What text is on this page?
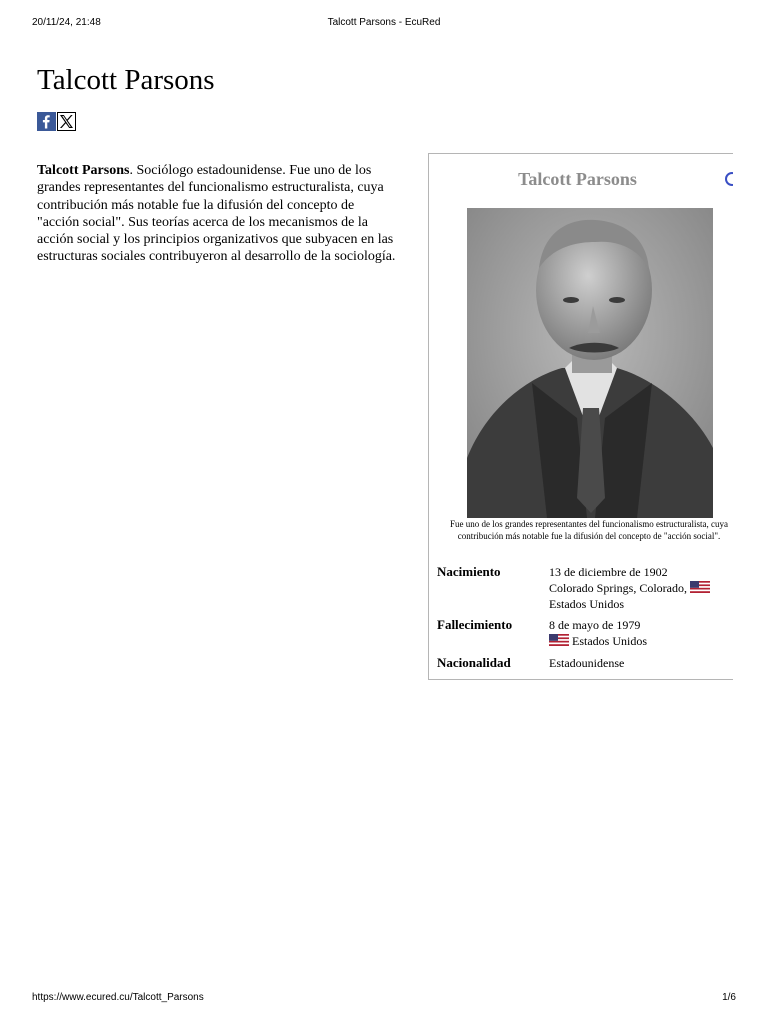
20/11/24, 21:48	Talcott Parsons - EcuRed
Talcott Parsons

Talcott Parsons. Sociólogo estadounidense. Fue uno de los grandes representantes del funcionalismo estructuralista, cuya contribución más notable fue la difusión del concepto de "acción social". Sus teorías acerca de los mecanismos de la acción social y los principios organizativos que subyacen en las estructuras sociales contribuyeron al desarrollo de la sociología.

Talcott Parsons
Fue uno de los grandes representantes del funcionalismo estructuralista, cuya contribución más notable fue la difusión del concepto de "acción social".
Nacimiento	13 de diciembre de 1902
Colorado Springs, Colorado,
Estados Unidos
Fallecimiento	8 de mayo de 1979
Estados Unidos
Nacionalidad	Estadounidense
https://www.ecured.cu/Talcott_Parsons	1/6
